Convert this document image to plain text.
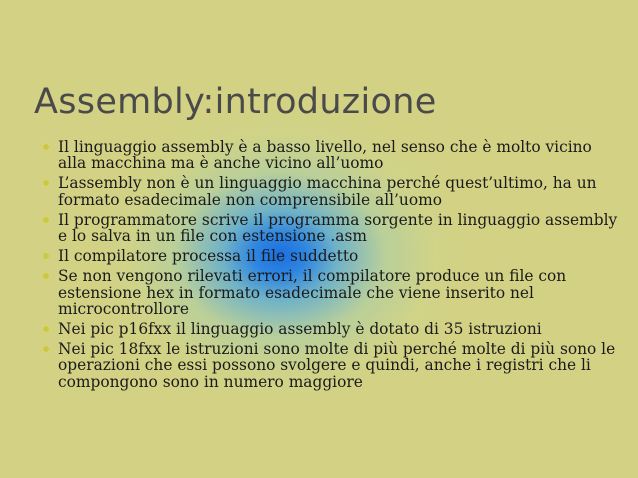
Assembly:introduzione
Il linguaggio assembly è a basso livello, nel senso che è molto vicino alla macchina ma è anche vicino all’uomo
L’assembly non è un linguaggio macchina perché quest’ultimo, ha un formato esadecimale non comprensibile all’uomo
Il programmatore scrive il programma sorgente in linguaggio assembly e lo salva in un file con estensione .asm
Il compilatore processa il file suddetto
Se non vengono rilevati errori, il compilatore produce un file con estensione hex in formato esadecimale che viene inserito nel microcontrollore
Nei pic p16fxx il linguaggio assembly è dotato di 35 istruzioni
Nei pic 18fxx le istruzioni sono molte di più perché molte di più sono le operazioni che essi possono svolgere e quindi, anche i registri che li compongono sono in numero maggiore
